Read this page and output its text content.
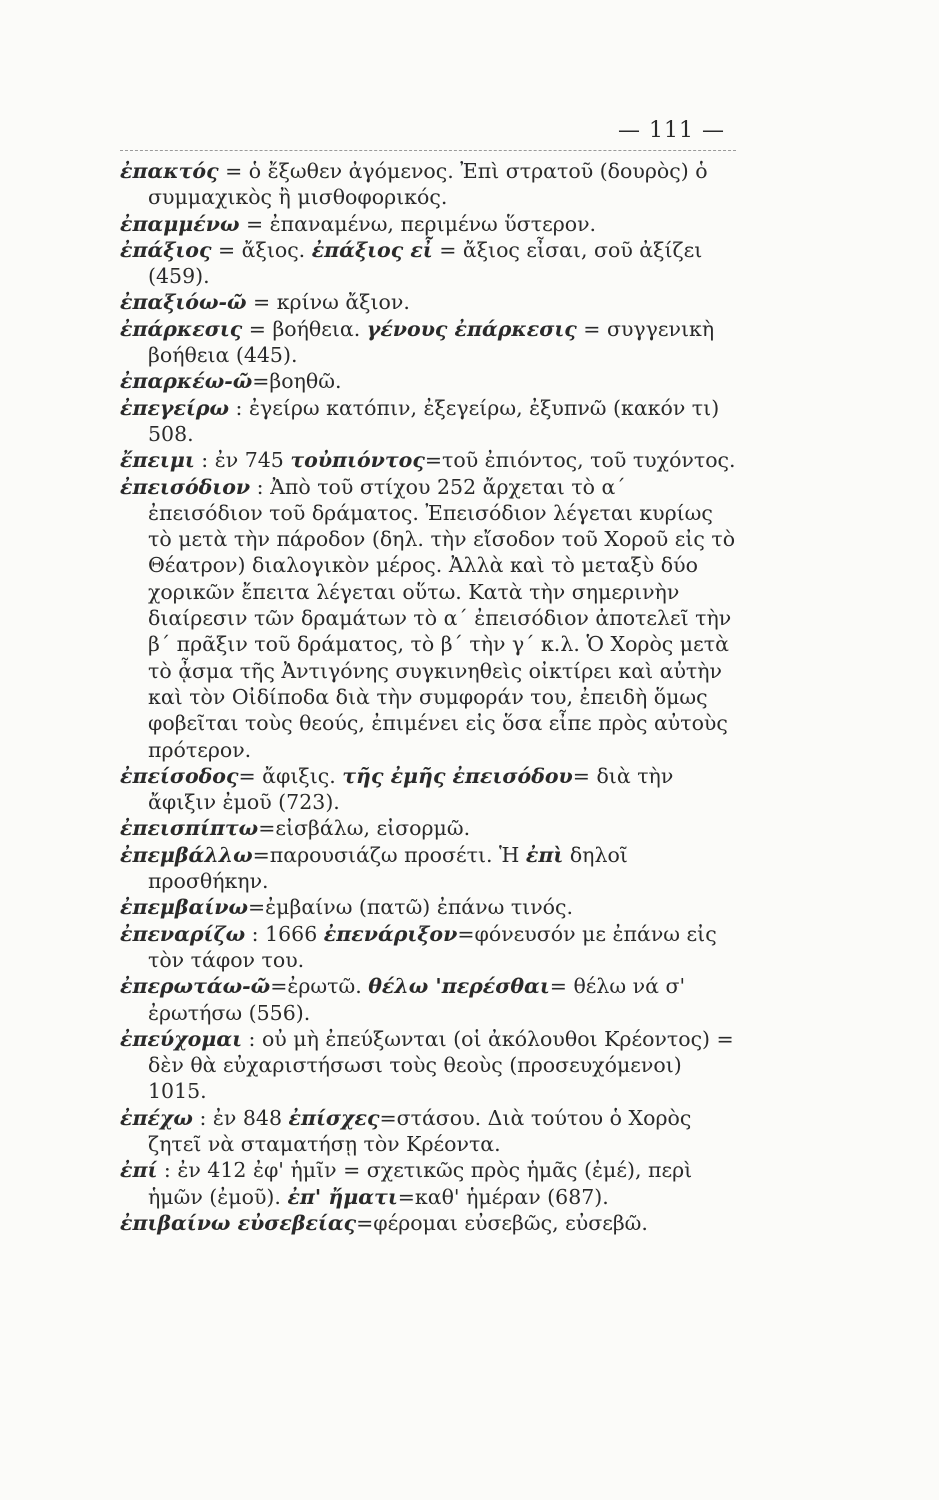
— 111 —
ἐπακτός = ὁ ἔξωθεν ἀγόμενος. Ἐπὶ στρατοῦ (δουρὸς) ὁ συμμαχικὸς ἢ μισθοφορικός.
ἐπαμμένω = ἐπαναμένω, περιμένω ὕστερον.
ἐπάξιος = ἄξιος. ἐπάξιος εἶ = ἄξιος εἶσαι, σοῦ ἀξίζει (459).
ἐπαξιόω-ῶ = κρίνω ἄξιον.
ἐπάρκεσις = βοήθεια. γένους ἐπάρκεσις = συγγενικὴ βοήθεια (445).
ἐπαρκέω-ῶ=βοηθῶ.
ἐπεγείρω : ἐγείρω κατόπιν, ἐξεγείρω, ἐξυπνῶ (κακόν τι) 508.
ἔπειμι : ἐν 745 τοὐπιόντος=τοῦ ἐπιόντος, τοῦ τυχόντος.
ἐπεισόδιον : Ἀπὸ τοῦ στίχου 252 ἄρχεται τὸ α΄ ἐπεισόδιον τοῦ δράματος. Ἐπεισόδιον λέγεται κυρίως τὸ μετὰ τὴν πάροδον (δηλ. τὴν εἴσοδον τοῦ Χοροῦ εἰς τὸ Θέατρον) διαλογικὸν μέρος. Ἀλλὰ καὶ τὸ μεταξὺ δύο χορικῶν ἔπειτα λέγεται οὕτω. Κατὰ τὴν σημερινὴν διαίρεσιν τῶν δραμάτων τὸ α΄ ἐπεισόδιον ἀποτελεῖ τὴν β΄ πρᾶξιν τοῦ δράματος, τὸ β΄ τὴν γ΄ κ.λ. Ὁ Χορὸς μετὰ τὸ ᾆσμα τῆς Ἀντιγόνης συγκινηθεὶς οἰκτίρει καὶ αὐτὴν καὶ τὸν Οἰδίποδα διὰ τὴν συμφοράν του, ἐπειδὴ ὅμως φοβεῖται τοὺς θεούς, ἐπιμένει εἰς ὅσα εἶπε πρὸς αὐτοὺς πρότερον.
ἐπείσοδος= ἄφιξις. τῆς ἐμῆς ἐπεισόδου= διὰ τὴν ἄφιξιν ἐμοῦ (723).
ἐπεισπίπτω=εἰσβάλω, εἰσορμῶ.
ἐπεμβάλλω=παρουσιάζω προσέτι. Ἡ ἐπὶ δηλοῖ προσθήκην.
ἐπεμβαίνω=ἐμβαίνω (πατῶ) ἐπάνω τινός.
ἐπεναρίζω : 1666 ἐπενάριξον=φόνευσόν με ἐπάνω εἰς τὸν τάφον του.
ἐπερωτάω-ῶ=ἐρωτῶ. θέλω 'περέσθαι= θέλω νά σ' ἐρωτήσω (556).
ἐπεύχομαι : οὐ μὴ ἐπεύξωνται (οἱ ἀκόλουθοι Κρέοντος) = δὲν θὰ εὐχαριστήσωσι τοὺς θεοὺς (προσευχόμενοι) 1015.
ἐπέχω : ἐν 848 ἐπίσχες=στάσου. Διὰ τούτου ὁ Χορὸς ζητεῖ νὰ σταματήσῃ τὸν Κρέοντα.
ἐπί : ἐν 412 ἐφ' ἡμῖν = σχετικῶς πρὸς ἡμᾶς (ἐμέ), περὶ ἡμῶν (ἐμοῦ). ἐπ' ἤματι=καθ' ἡμέραν (687).
ἐπιβαίνω εὐσεβείας=φέρομαι εὐσεβῶς, εὐσεβῶ.
